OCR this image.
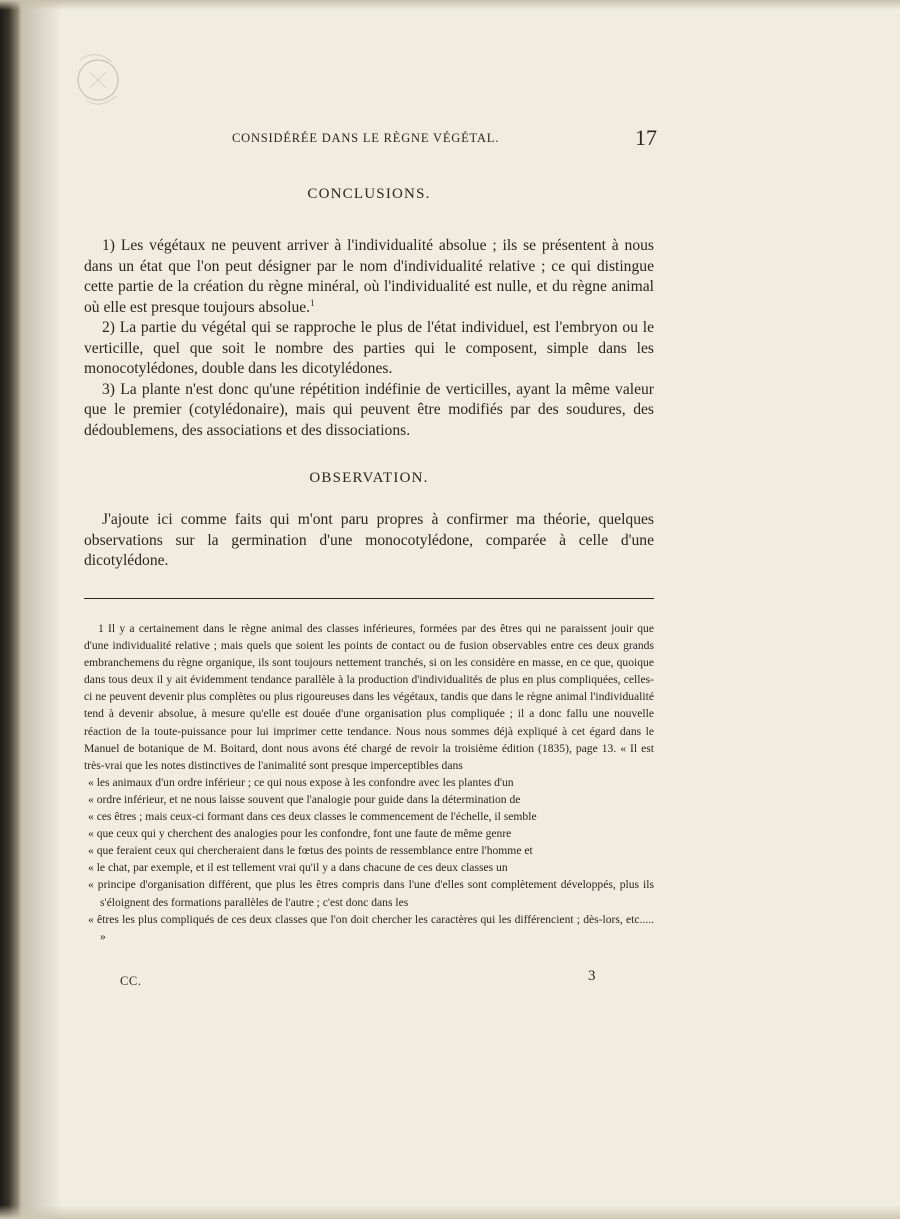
CONSIDÉRÉE DANS LE RÈGNE VÉGÉTAL.	17
CONCLUSIONS.

1) Les végétaux ne peuvent arriver à l'individualité absolue ; ils se présentent à nous dans un état que l'on peut désigner par le nom d'individualité relative ; ce qui distingue cette partie de la création du règne minéral, où l'individualité est nulle, et du règne animal où elle est presque toujours absolue.$^1$

2) La partie du végétal qui se rapproche le plus de l'état individuel, est l'embryon ou le verticille, quel que soit le nombre des parties qui le composent, simple dans les monocotylédones, double dans les dicotylédones.

3) La plante n'est donc qu'une répétition indéfinie de verticilles, ayant la même valeur que le premier (cotylédonaire), mais qui peuvent être modifiés par des soudures, des dédoublemens, des associations et des dissociations.

OBSERVATION.

J'ajoute ici comme faits qui m'ont paru propres à confirmer ma théorie, quelques observations sur la germination d'une monocotylédone, comparée à celle d'une dicotylédone.

1 Il y a certainement dans le règne animal des classes inférieures, formées par des êtres qui ne paraissent jouir que d'une individualité relative ; mais quels que soient les points de contact ou de fusion observables entre ces deux grands embranchemens du règne organique, ils sont toujours nettement tranchés, si on les considère en masse, en ce que, quoique dans tous deux il y ait évidemment tendance parallèle à la production d'individualités de plus en plus compliquées, celles-ci ne peuvent devenir plus complètes ou plus rigoureuses dans les végétaux, tandis que dans le règne animal l'individualité tend à devenir absolue, à mesure qu'elle est douée d'une organisation plus compliquée ; il a donc fallu une nouvelle réaction de la toute-puissance pour lui imprimer cette tendance. Nous nous sommes déjà expliqué à cet égard dans le Manuel de botanique de M. Boitard, dont nous avons été chargé de revoir la troisième édition (1835), page 13. « Il est très-vrai que les notes distinctives de l'animalité sont presque imperceptibles dans

« les animaux d'un ordre inférieur ; ce qui nous expose à les confondre avec les plantes d'un

« ordre inférieur, et ne nous laisse souvent que l'analogie pour guide dans la détermination de

« ces êtres ; mais ceux-ci formant dans ces deux classes le commencement de l'échelle, il semble

« que ceux qui y cherchent des analogies pour les confondre, font une faute de même genre

« que feraient ceux qui chercheraient dans le fœtus des points de ressemblance entre l'homme et

« le chat, par exemple, et il est tellement vrai qu'il y a dans chacune de ces deux classes un

« principe d'organisation différent, que plus les êtres compris dans l'une d'elles sont complètement développés, plus ils s'éloignent des formations parallèles de l'autre ; c'est donc dans les

« êtres les plus compliqués de ces deux classes que l'on doit chercher les caractères qui les différencient ; dès-lors, etc..... »

CC.	3
